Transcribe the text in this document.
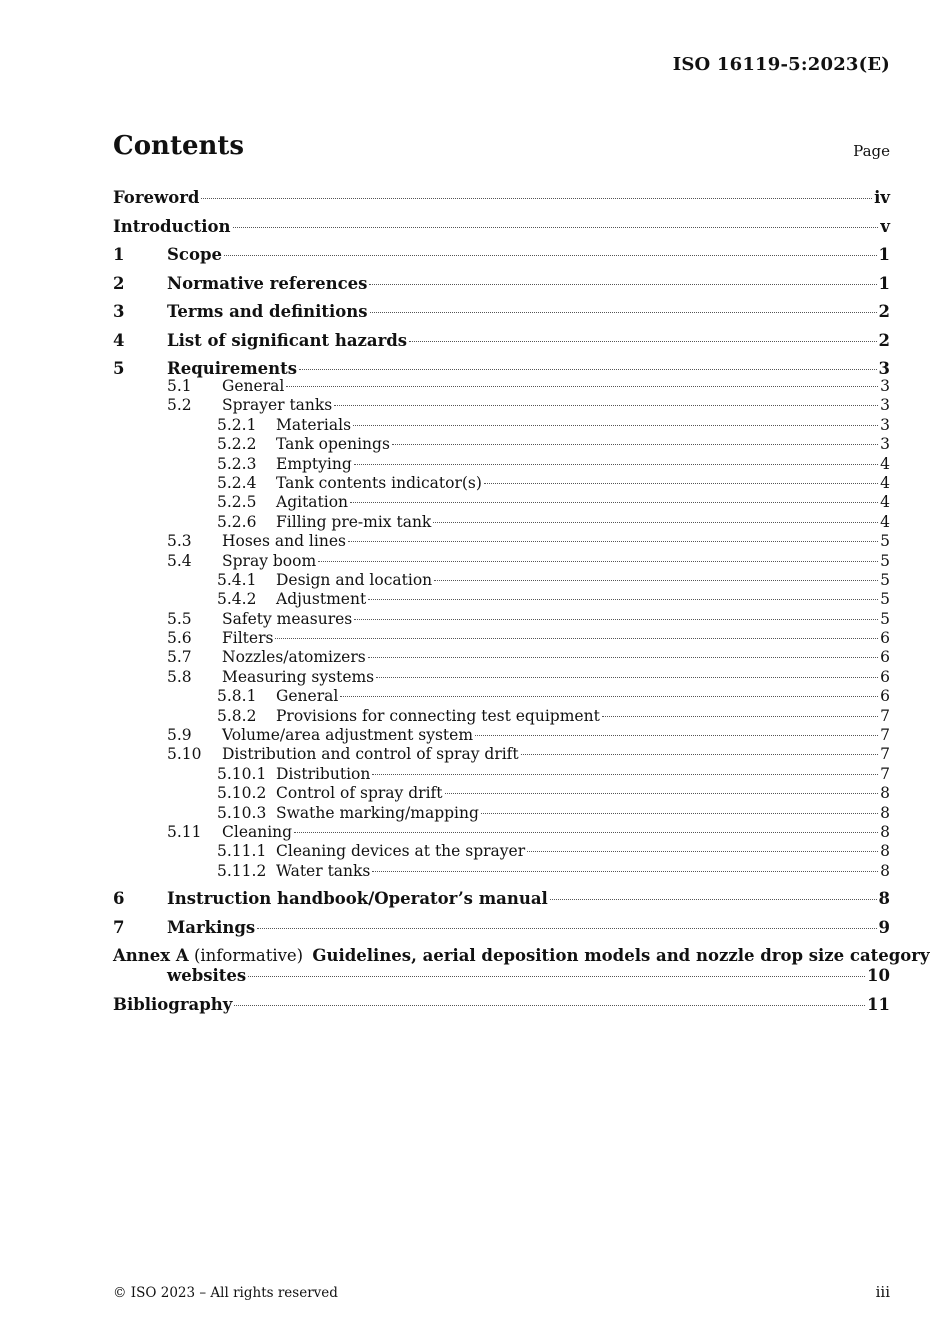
ISO 16119-5:2023(E)
Contents	Page
Foreword	iv
Introduction	v
1	Scope	1
2	Normative references	1
3	Terms and definitions	2
4	List of significant hazards	2
5	Requirements	3
5.1	General	3
5.2	Sprayer tanks	3
5.2.1	Materials	3
5.2.2	Tank openings	3
5.2.3	Emptying	4
5.2.4	Tank contents indicator(s)	4
5.2.5	Agitation	4
5.2.6	Filling pre-mix tank	4
5.3	Hoses and lines	5
5.4	Spray boom	5
5.4.1	Design and location	5
5.4.2	Adjustment	5
5.5	Safety measures	5
5.6	Filters	6
5.7	Nozzles/atomizers	6
5.8	Measuring systems	6
5.8.1	General	6
5.8.2	Provisions for connecting test equipment	7
5.9	Volume/area adjustment system	7
5.10	Distribution and control of spray drift	7
5.10.1 Distribution	7
5.10.2 Control of spray drift	8
5.10.3 Swathe marking/mapping	8
5.11	Cleaning	8
5.11.1 Cleaning devices at the sprayer	8
5.11.2 Water tanks	8
6	Instruction handbook/Operator’s manual	8
7	Markings	9
Annex A (informative) Guidelines, aerial deposition models and nozzle drop size category
websites	10
Bibliography	11
© ISO 2023 – All rights reserved	iii
